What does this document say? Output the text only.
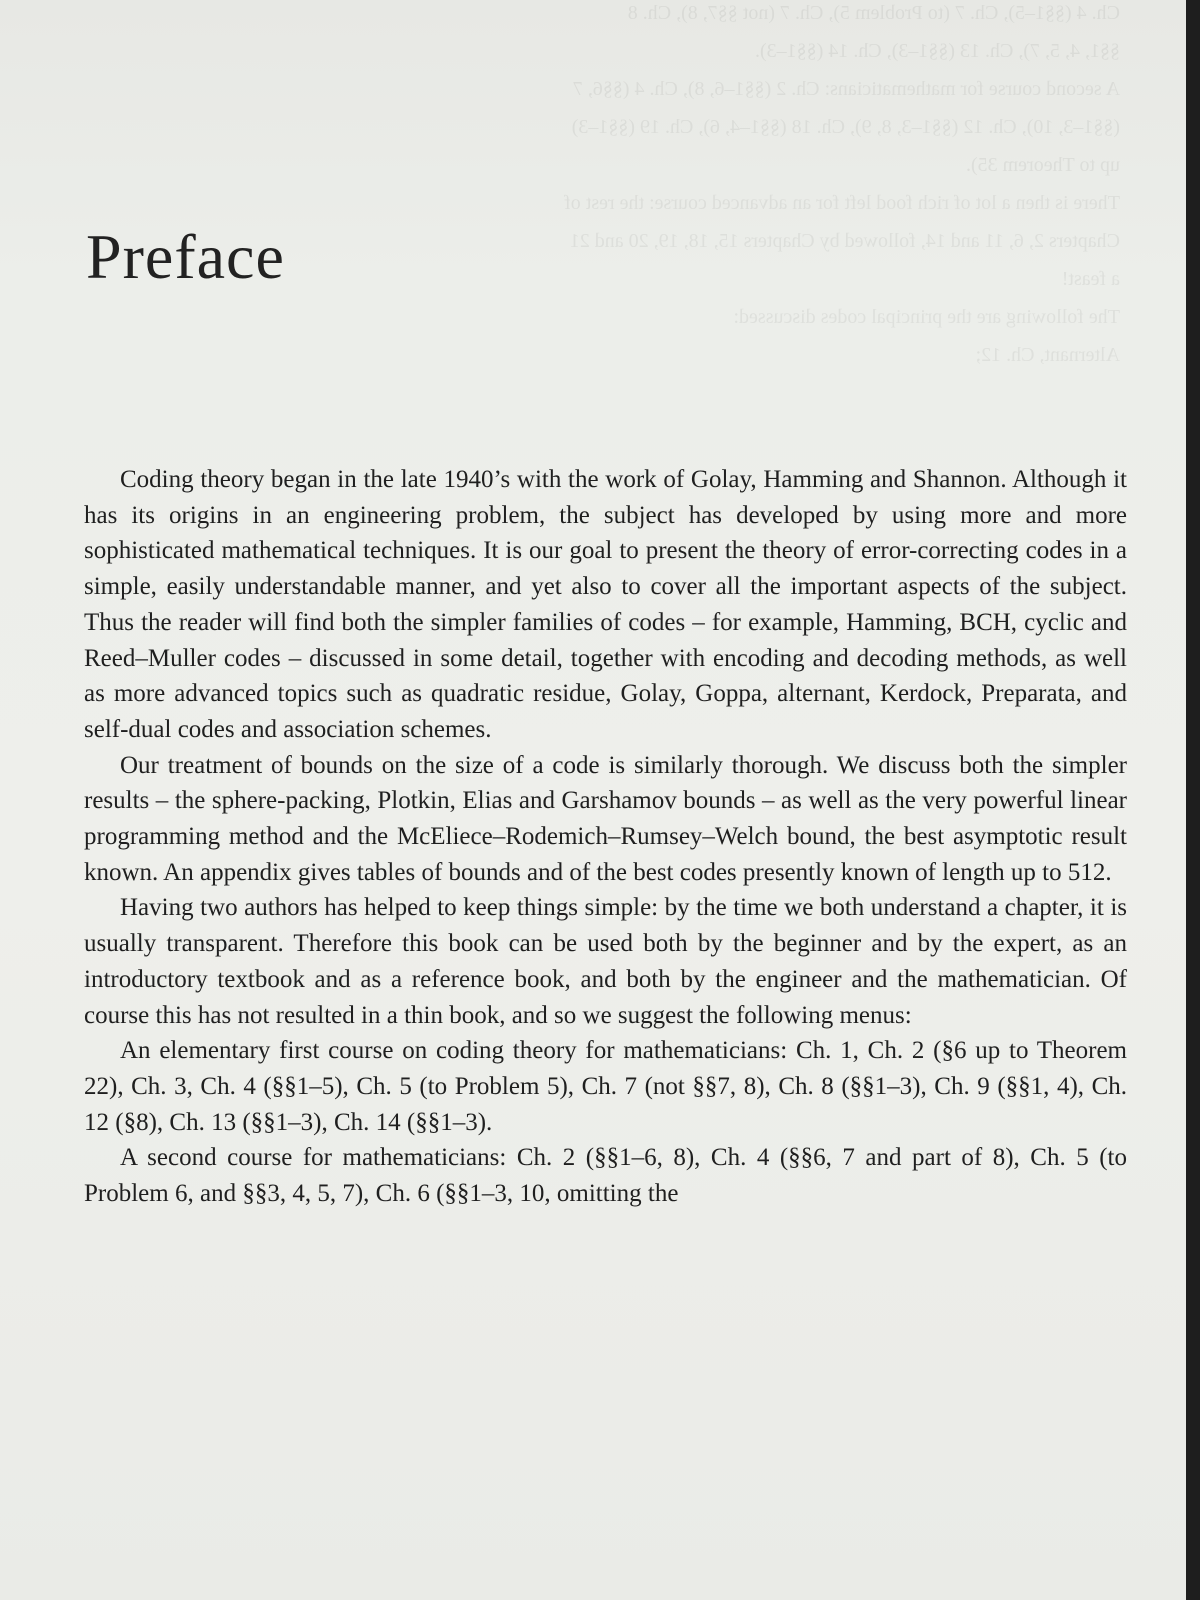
Ch. 4 (§§1–5), Ch. 7 (to Problem 5), Ch. 7 (not §§7, 8), Ch. 8

§§1, 4, 5, 7), Ch. 13 (§§1–3), Ch. 14 (§§1–3).

A second course for mathematicians: Ch. 2 (§§1–6, 8), Ch. 4 (§§6, 7

(§§1–3, 10), Ch. 12 (§§1–3, 8, 9), Ch. 18 (§§1–4, 6), Ch. 19 (§§1–3)

up to Theorem 35).

There is then a lot of rich food left for an advanced course: the rest of

Chapters 2, 6, 11 and 14, followed by Chapters 15, 18, 19, 20 and 21

a feast!

The following are the principal codes discussed:

Alternant, Ch. 12;

Preface

Coding theory began in the late 1940’s with the work of Golay, Hamming and Shannon. Although it has its origins in an engineering problem, the subject has developed by using more and more sophisticated mathematical techniques. It is our goal to present the theory of error-correcting codes in a simple, easily understandable manner, and yet also to cover all the important aspects of the subject. Thus the reader will find both the simpler families of codes – for example, Hamming, BCH, cyclic and Reed–Muller codes – discussed in some detail, together with encoding and decoding methods, as well as more advanced topics such as quadratic residue, Golay, Goppa, alternant, Kerdock, Preparata, and self-dual codes and association schemes.

Our treatment of bounds on the size of a code is similarly thorough. We discuss both the simpler results – the sphere-packing, Plotkin, Elias and Garshamov bounds – as well as the very powerful linear programming method and the McEliece–Rodemich–Rumsey–Welch bound, the best asymptotic result known. An appendix gives tables of bounds and of the best codes presently known of length up to 512.

Having two authors has helped to keep things simple: by the time we both understand a chapter, it is usually transparent. Therefore this book can be used both by the beginner and by the expert, as an introductory textbook and as a reference book, and both by the engineer and the mathematician. Of course this has not resulted in a thin book, and so we suggest the following menus:

An elementary first course on coding theory for mathematicians: Ch. 1, Ch. 2 (§6 up to Theorem 22), Ch. 3, Ch. 4 (§§1–5), Ch. 5 (to Problem 5), Ch. 7 (not §§7, 8), Ch. 8 (§§1–3), Ch. 9 (§§1, 4), Ch. 12 (§8), Ch. 13 (§§1–3), Ch. 14 (§§1–3).

A second course for mathematicians: Ch. 2 (§§1–6, 8), Ch. 4 (§§6, 7 and part of 8), Ch. 5 (to Problem 6, and §§3, 4, 5, 7), Ch. 6 (§§1–3, 10, omitting the
